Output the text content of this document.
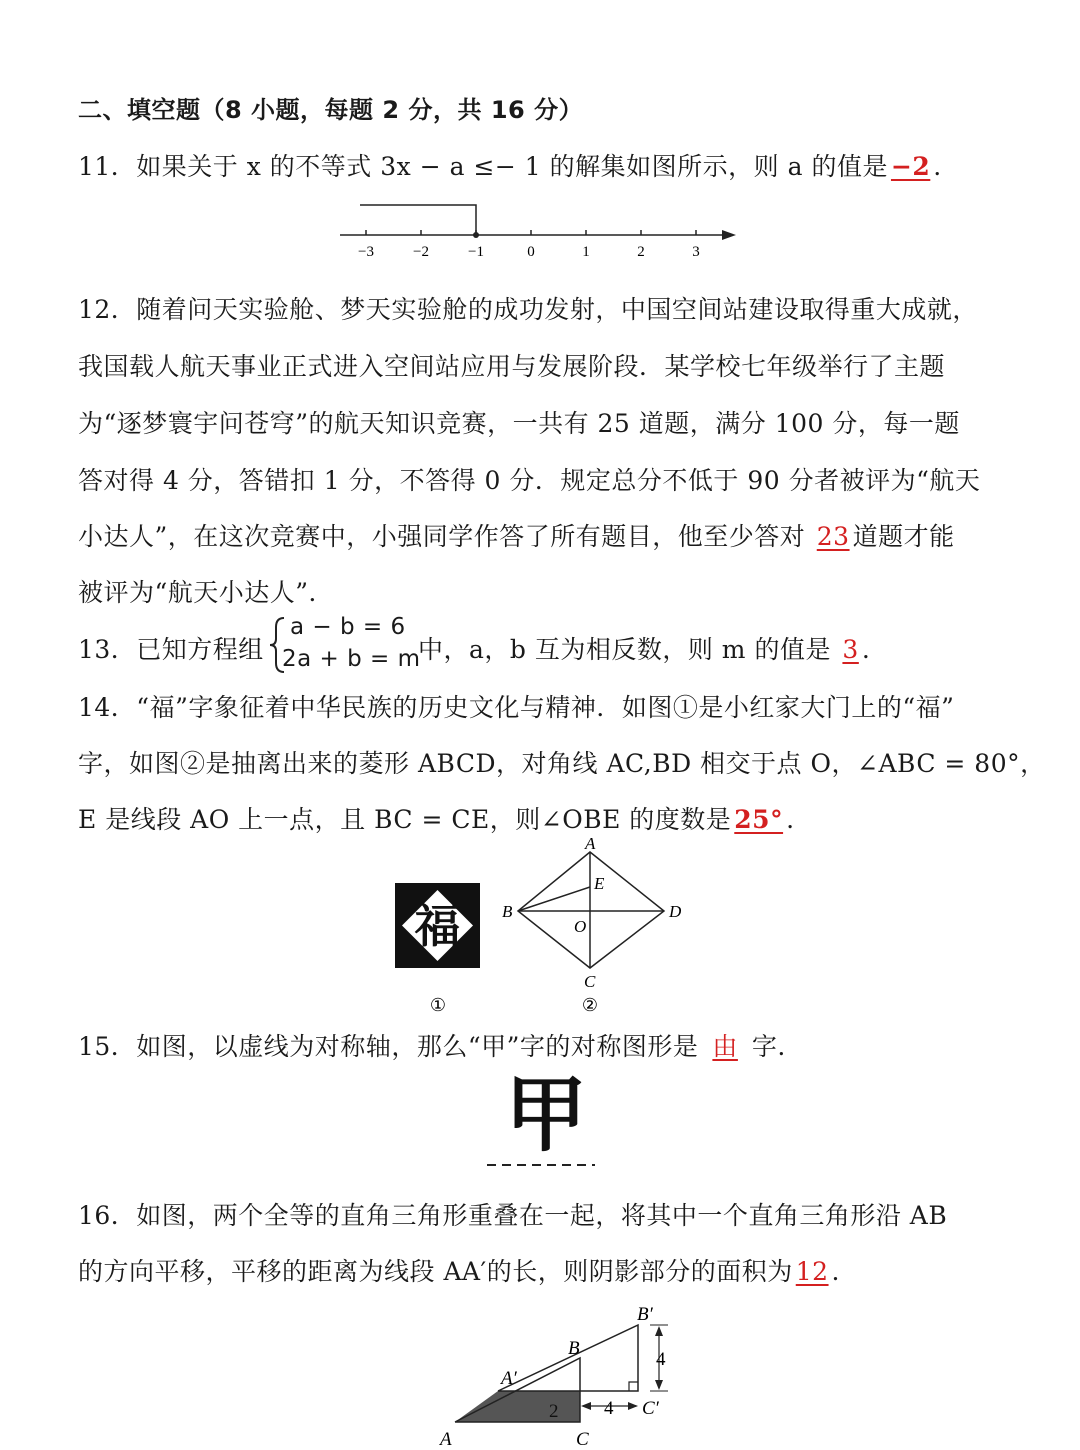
二、填空题（8 小题，每题 2 分，共 16 分）
11．如果关于 x 的不等式 3x − a ≤− 1 的解集如图所示，则 a 的值是 −2 .
−3	−2	−1	0	1	2	3
12．随着问天实验舱、梦天实验舱的成功发射，中国空间站建设取得重大成就，
我国载人航天事业正式进入空间站应用与发展阶段．某学校七年级举行了主题
为“逐梦寰宇问苍穹”的航天知识竞赛，一共有 25 道题，满分 100 分，每一题
答对得 4 分，答错扣 1 分，不答得 0 分．规定总分不低于 90 分者被评为“航天
小达人”，在这次竞赛中，小强同学作答了所有题目，他至少答对 23 道题才能
被评为“航天小达人”．
13．已知方程组
a − b = 6
2a + b = m
中，a，b 互为相反数，则 m 的值是 3 .
14．“福”字象征着中华民族的历史文化与精神．如图①是小红家大门上的“福”
字，如图②是抽离出来的菱形 ABCD，对角线 AC,BD 相交于点 O，∠ABC = 80°，
E 是线段 AO 上一点，且 BC = CE，则∠OBE 的度数是 25° .
福
A
E
B	D
O
C
①	②
15．如图，以虚线为对称轴，那么“甲”字的对称图形是 由 字.
甲
16．如图，两个全等的直角三角形重叠在一起，将其中一个直角三角形沿 AB
的方向平移，平移的距离为线段 AA′的长，则阴影部分的面积为 12 .
B′
B
A′
A	C
C′
4
4
2
